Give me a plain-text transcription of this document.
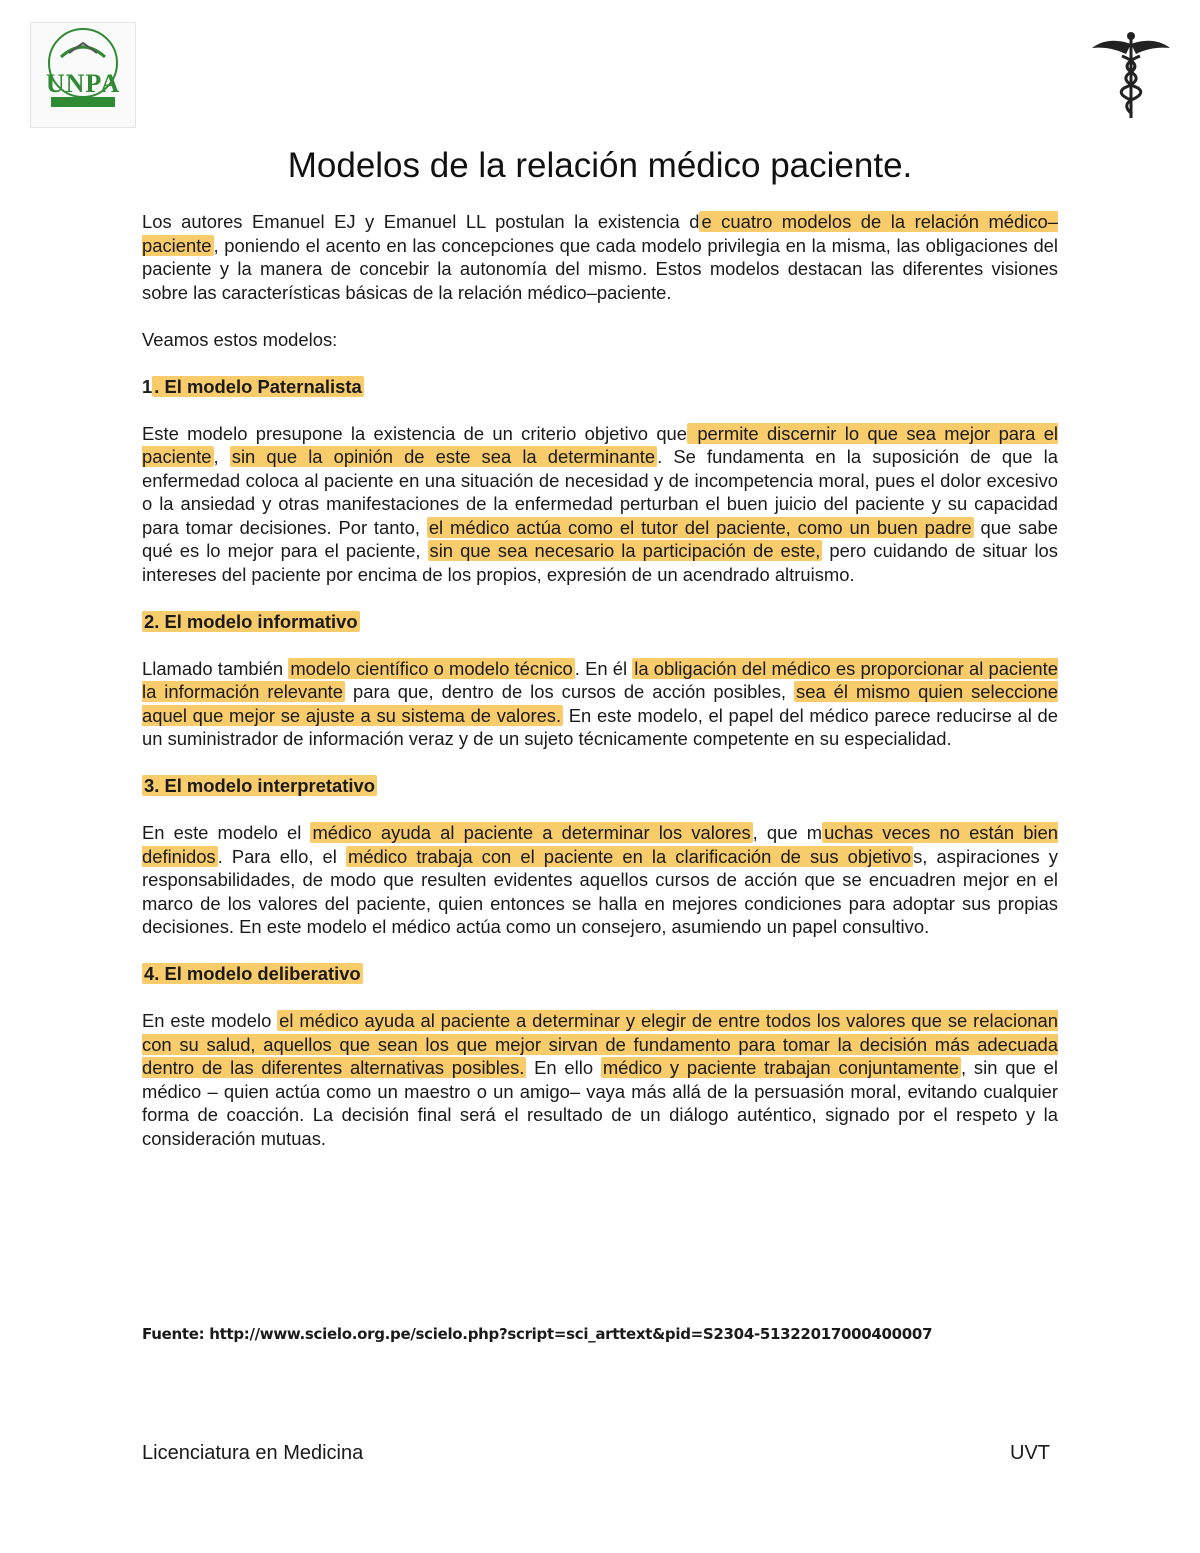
UNPA
Modelos de la relación médico paciente.

Los autores Emanuel EJ y Emanuel LL postulan la existencia d e cuatro modelos de la relación médico– paciente , poniendo el acento en las concepciones que cada modelo privilegia en la misma, las obligaciones del paciente y la manera de concebir la autonomía del mismo. Estos modelos destacan las diferentes visiones sobre las características básicas de la relación médico–paciente.

Veamos estos modelos:

1 . El modelo Paternalista

Este modelo presupone la existencia de un criterio objetivo que permite discernir lo que sea mejor para el paciente , sin que la opinión de este sea la determinante . Se fundamenta en la suposición de que la enfermedad coloca al paciente en una situación de necesidad y de incompetencia moral, pues el dolor excesivo o la ansiedad y otras manifestaciones de la enfermedad perturban el buen juicio del paciente y su capacidad para tomar decisiones. Por tanto, el médico actúa como el tutor del paciente, como un buen padre que sabe qué es lo mejor para el paciente, sin que sea necesario la participación de este, pero cuidando de situar los intereses del paciente por encima de los propios, expresión de un acendrado altruismo.

2. El modelo informativo

Llamado también modelo científico o modelo técnico . En él la obligación del médico es proporcionar al paciente la información relevante para que, dentro de los cursos de acción posibles, sea él mismo quien seleccione aquel que mejor se ajuste a su sistema de valores. En este modelo, el papel del médico parece reducirse al de un suministrador de información veraz y de un sujeto técnicamente competente en su especialidad.

3. El modelo interpretativo

En este modelo el médico ayuda al paciente a determinar los valores , que m uchas veces no están bien definidos . Para ello, el médico trabaja con el paciente en la clarificación de sus objetivo s, aspiraciones y responsabilidades, de modo que resulten evidentes aquellos cursos de acción que se encuadren mejor en el marco de los valores del paciente, quien entonces se halla en mejores condiciones para adoptar sus propias decisiones. En este modelo el médico actúa como un consejero, asumiendo un papel consultivo.

4. El modelo deliberativo

En este modelo el médico ayuda al paciente a determinar y elegir de entre todos los valores que se relacionan con su salud, aquellos que sean los que mejor sirvan de fundamento para tomar la decisión más adecuada dentro de las diferentes alternativas posibles. En ello médico y paciente trabajan conjuntamente , sin que el médico – quien actúa como un maestro o un amigo– vaya más allá de la persuasión moral, evitando cualquier forma de coacción. La decisión final será el resultado de un diálogo auténtico, signado por el respeto y la consideración mutuas.

Fuente: http://www.scielo.org.pe/scielo.php?script=sci_arttext&pid=S2304-51322017000400007
Licenciatura en Medicina	UVT
